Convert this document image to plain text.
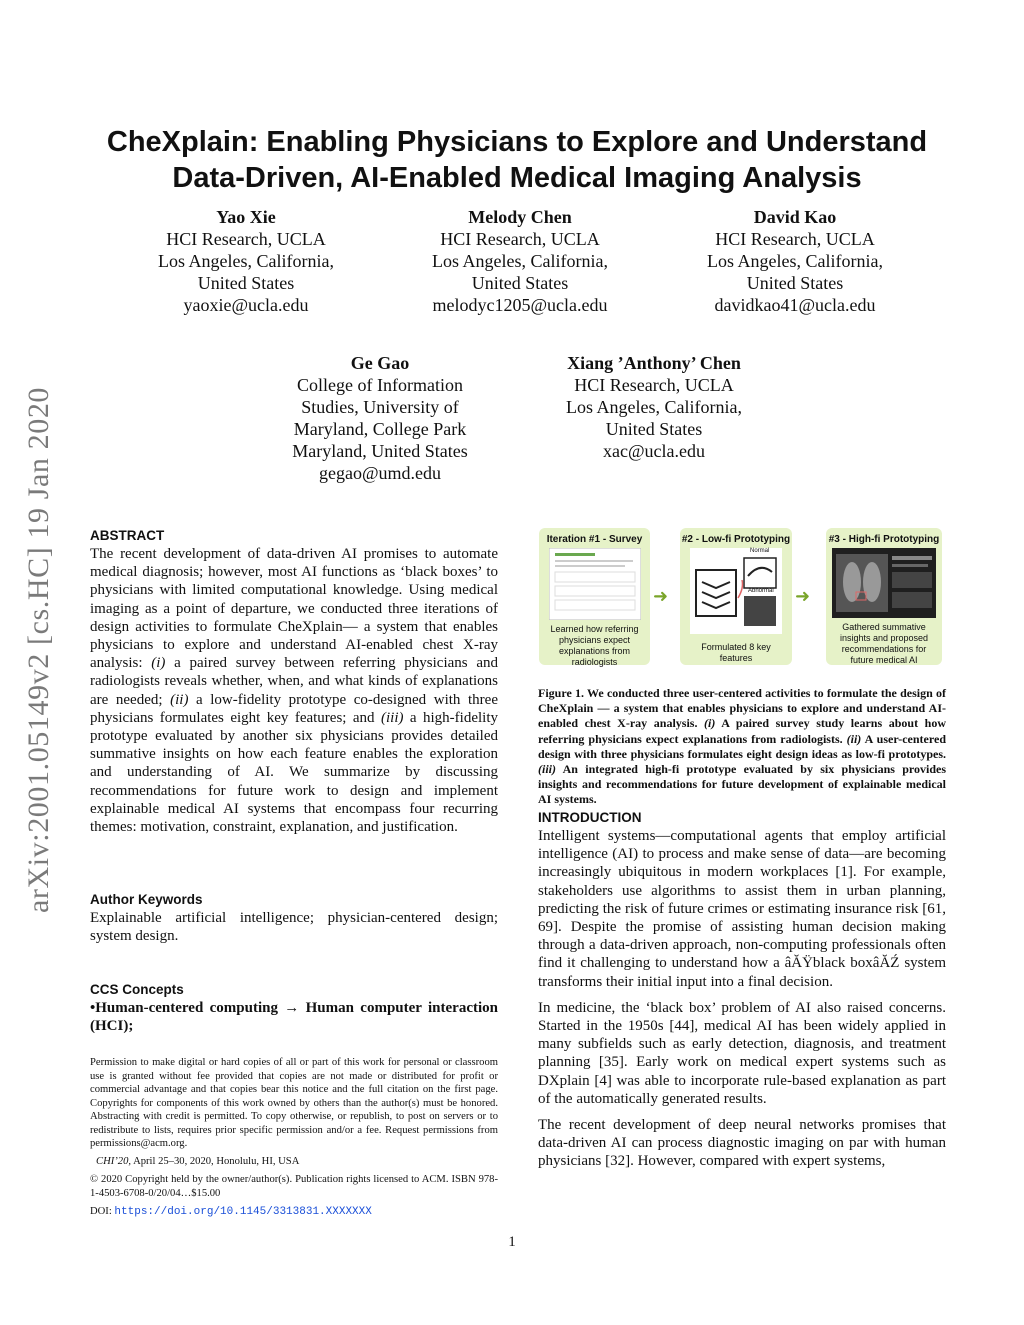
arXiv:2001.05149v2 [cs.HC] 19 Jan 2020
CheXplain: Enabling Physicians to Explore and Understand
Data-Driven, AI-Enabled Medical Imaging Analysis
Yao Xie
HCI Research, UCLA
Los Angeles, California,
United States
yaoxie@ucla.edu
Melody Chen
HCI Research, UCLA
Los Angeles, California,
United States
melodyc1205@ucla.edu
David Kao
HCI Research, UCLA
Los Angeles, California,
United States
davidkao41@ucla.edu
Ge Gao
College of Information
Studies, University of
Maryland, College Park
Maryland, United States
gegao@umd.edu
Xiang ’Anthony’ Chen
HCI Research, UCLA
Los Angeles, California,
United States
xac@ucla.edu
ABSTRACT

The recent development of data-driven AI promises to automate medical diagnosis; however, most AI functions as ‘black boxes’ to physicians with limited computational knowledge. Using medical imaging as a point of departure, we conducted three iterations of design activities to formulate CheXplain— a system that enables physicians to explore and understand AI-enabled chest X-ray analysis: (i) a paired survey between referring physicians and radiologists reveals whether, when, and what kinds of explanations are needed; (ii) a low-fidelity prototype co-designed with three physicians formulates eight key features; and (iii) a high-fidelity prototype evaluated by another six physicians provides detailed summative insights on how each feature enables the exploration and understanding of AI. We summarize by discussing recommendations for future work to design and implement explainable medical AI systems that encompass four recurring themes: motivation, constraint, explanation, and justification.

Author Keywords

Explainable artificial intelligence; physician-centered design; system design.

CCS Concepts

•Human-centered computing → Human computer interaction (HCI);

Permission to make digital or hard copies of all or part of this work for personal or classroom use is granted without fee provided that copies are not made or distributed for profit or commercial advantage and that copies bear this notice and the full citation on the first page. Copyrights for components of this work owned by others than the author(s) must be honored. Abstracting with credit is permitted. To copy otherwise, or republish, to post on servers or to redistribute to lists, requires prior specific permission and/or a fee. Request permissions from permissions@acm.org.

CHI’20, April 25–30, 2020, Honolulu, HI, USA

© 2020 Copyright held by the owner/author(s). Publication rights licensed to ACM. ISBN 978-1-4503-6708-0/20/04…$15.00

DOI: https://doi.org/10.1145/3313831.XXXXXXX

Iteration #1 - Survey
Learned how referring physicians expect explanations from radiologists
➜
#2 - Low-fi Prototyping
Normal
Abnormal
Formulated 8 key features
➜
#3 - High-fi Prototyping
Gathered summative insights and proposed recommendations for future medical AI

Figure 1. We conducted three user-centered activities to formulate the design of CheXplain — a system that enables physicians to explore and understand AI-enabled chest X-ray analysis. (i) A paired survey study learns about how referring physicians expect explanations from radiologists. (ii) A user-centered design with three physicians formulates eight design ideas as low-fi prototypes. (iii) An integrated high-fi prototype evaluated by six physicians provides insights and recommendations for future development of explainable medical AI systems.

INTRODUCTION

Intelligent systems—computational agents that employ artificial intelligence (AI) to process and make sense of data—are becoming increasingly ubiquitous in modern workplaces [1]. For example, stakeholders use algorithms to assist them in urban planning, predicting the risk of future crimes or estimating insurance risk [61, 69]. Despite the promise of assisting human decision making through a data-driven approach, non-computing professionals often find it challenging to understand how a âĂŸblack boxâĂŹ system transforms their initial input into a final decision.

In medicine, the ‘black box’ problem of AI also raised concerns. Started in the 1950s [44], medical AI has been widely applied in many subfields such as early detection, diagnosis, and treatment planning [35]. Early work on medical expert systems such as DXplain [4] was able to incorporate rule-based explanation as part of the automatically generated results.

The recent development of deep neural networks promises that data-driven AI can process diagnostic imaging on par with human physicians [32]. However, compared with expert systems,

1
